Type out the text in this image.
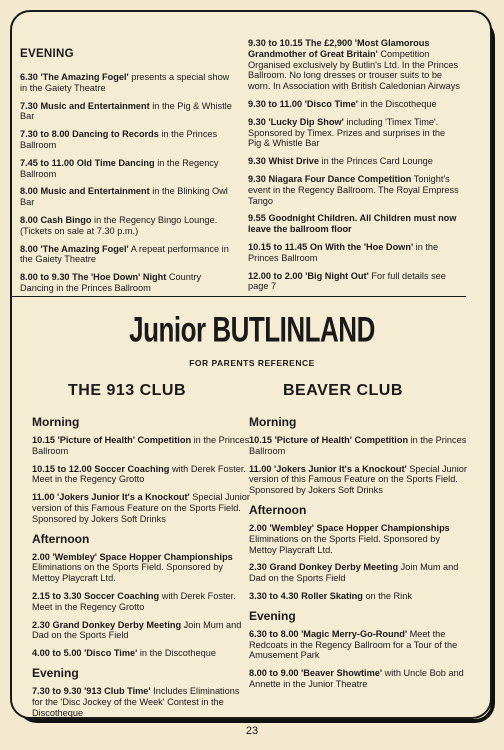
EVENING
6.30 'The Amazing Fogel' presents a special show in the Gaiety Theatre
7.30 Music and Entertainment in the Pig & Whistle Bar
7.30 to 8.00 Dancing to Records in the Princes Ballroom
7.45 to 11.00 Old Time Dancing in the Regency Ballroom
8.00 Music and Entertainment in the Blinking Owl Bar
8.00 Cash Bingo in the Regency Bingo Lounge. (Tickets on sale at 7.30 p.m.)
8.00 'The Amazing Fogel' A repeat performance in the Gaiety Theatre
8.00 to 9.30 The 'Hoe Down' Night Country Dancing in the Princes Ballroom
9.30 to 10.15 The £2,900 'Most Glamorous Grandmother of Great Britain' Competition Organised exclusively by Butlin's Ltd. In the Princes Ballroom. No long dresses or trouser suits to be worn. In Association with British Caledonian Airways
9.30 to 11.00 'Disco Time' in the Discotheque
9.30 'Lucky Dip Show' including 'Timex Time'. Sponsored by Timex. Prizes and surprises in the Pig & Whistle Bar
9.30 Whist Drive in the Princes Card Lounge
9.30 Niagara Four Dance Competition Tonight's event in the Regency Ballroom. The Royal Empress Tango
9.55 Goodnight Children. All Children must now leave the ballroom floor
10.15 to 11.45 On With the 'Hoe Down' in the Princes Ballroom
12.00 to 2.00 'Big Night Out' For full details see page 7
Junior BUTLINLAND
FOR PARENTS REFERENCE
THE 913 CLUB	BEAVER CLUB
Morning
10.15 'Picture of Health' Competition in the Princes Ballroom
10.15 to 12.00 Soccer Coaching with Derek Foster. Meet in the Regency Grotto
11.00 'Jokers Junior It's a Knockout' Special Junior version of this Famous Feature on the Sports Field. Sponsored by Jokers Soft Drinks
Afternoon
2.00 'Wembley' Space Hopper Championships Eliminations on the Sports Field. Sponsored by Mettoy Playcraft Ltd.
2.15 to 3.30 Soccer Coaching with Derek Foster. Meet in the Regency Grotto
2.30 Grand Donkey Derby Meeting Join Mum and Dad on the Sports Field
4.00 to 5.00 'Disco Time' in the Discotheque
Evening
7.30 to 9.30 '913 Club Time' Includes Eliminations for the 'Disc Jockey of the Week' Contest in the Discotheque
Morning
10.15 'Picture of Health' Competition in the Princes Ballroom
11.00 'Jokers Junior It's a Knockout' Special Junior version of this Famous Feature on the Sports Field. Sponsored by Jokers Soft Drinks
Afternoon
2.00 'Wembley' Space Hopper Championships Eliminations on the Sports Field. Sponsored by Mettoy Playcraft Ltd.
2.30 Grand Donkey Derby Meeting Join Mum and Dad on the Sports Field
3.30 to 4.30 Roller Skating on the Rink
Evening
6.30 to 8.00 'Magic Merry-Go-Round' Meet the Redcoats in the Regency Ballroom for a Tour of the Amusement Park
8.00 to 9.00 'Beaver Showtime' with Uncle Bob and Annette in the Junior Theatre
23
